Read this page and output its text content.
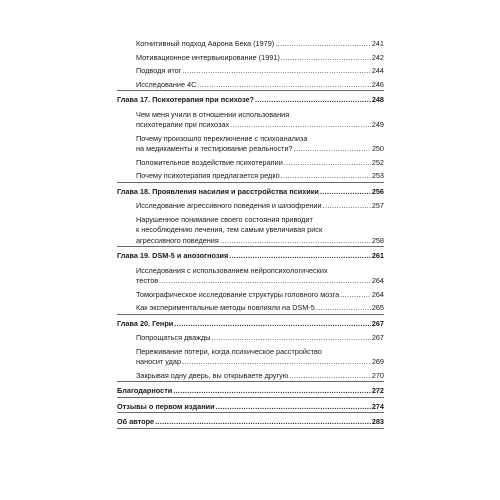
Когнитивный подход Аарона Бека (1979) .....	241
Мотивационное интервьюирование (1991) .....	242
Подводя итог .....	244
Исследование 4C .....	246
Глава 17. Психотерапия при психозе? .....	248
Чем меня учили в отношении использования
психотерапии при психозах .....	249
Почему произошло переключение с психоанализа
на медикаменты и тестирование реальности? .....	250
Положительное воздействие психотерапии .....	252
Почему психотерапия предлагается редко .....	253
Глава 18. Проявления насилия и расстройства психики .....	256
Исследование агрессивного поведения и шизофрении .....	257
Нарушенное понимание своего состояния приводит
к несоблюдению лечения, тем самым увеличивая риск
агрессивного поведения .....	258
Глава 19. DSM-5 и анозогнозия .....	261
Исследования с использованием нейропсихологических
тестов .....	264
Томографическое исследование структуры головного мозга .....	264
Как экспериментальные методы повлияли на DSM-5 .....	265
Глава 20. Генри .....	267
Попрощаться дважды .....	267
Переживание потери, когда психическое расстройство
наносит удар .....	269
Закрывая одну дверь, вы открываете другую .....	270
Благодарности .....	272
Отзывы о первом издании .....	274
Об авторе .....	283
